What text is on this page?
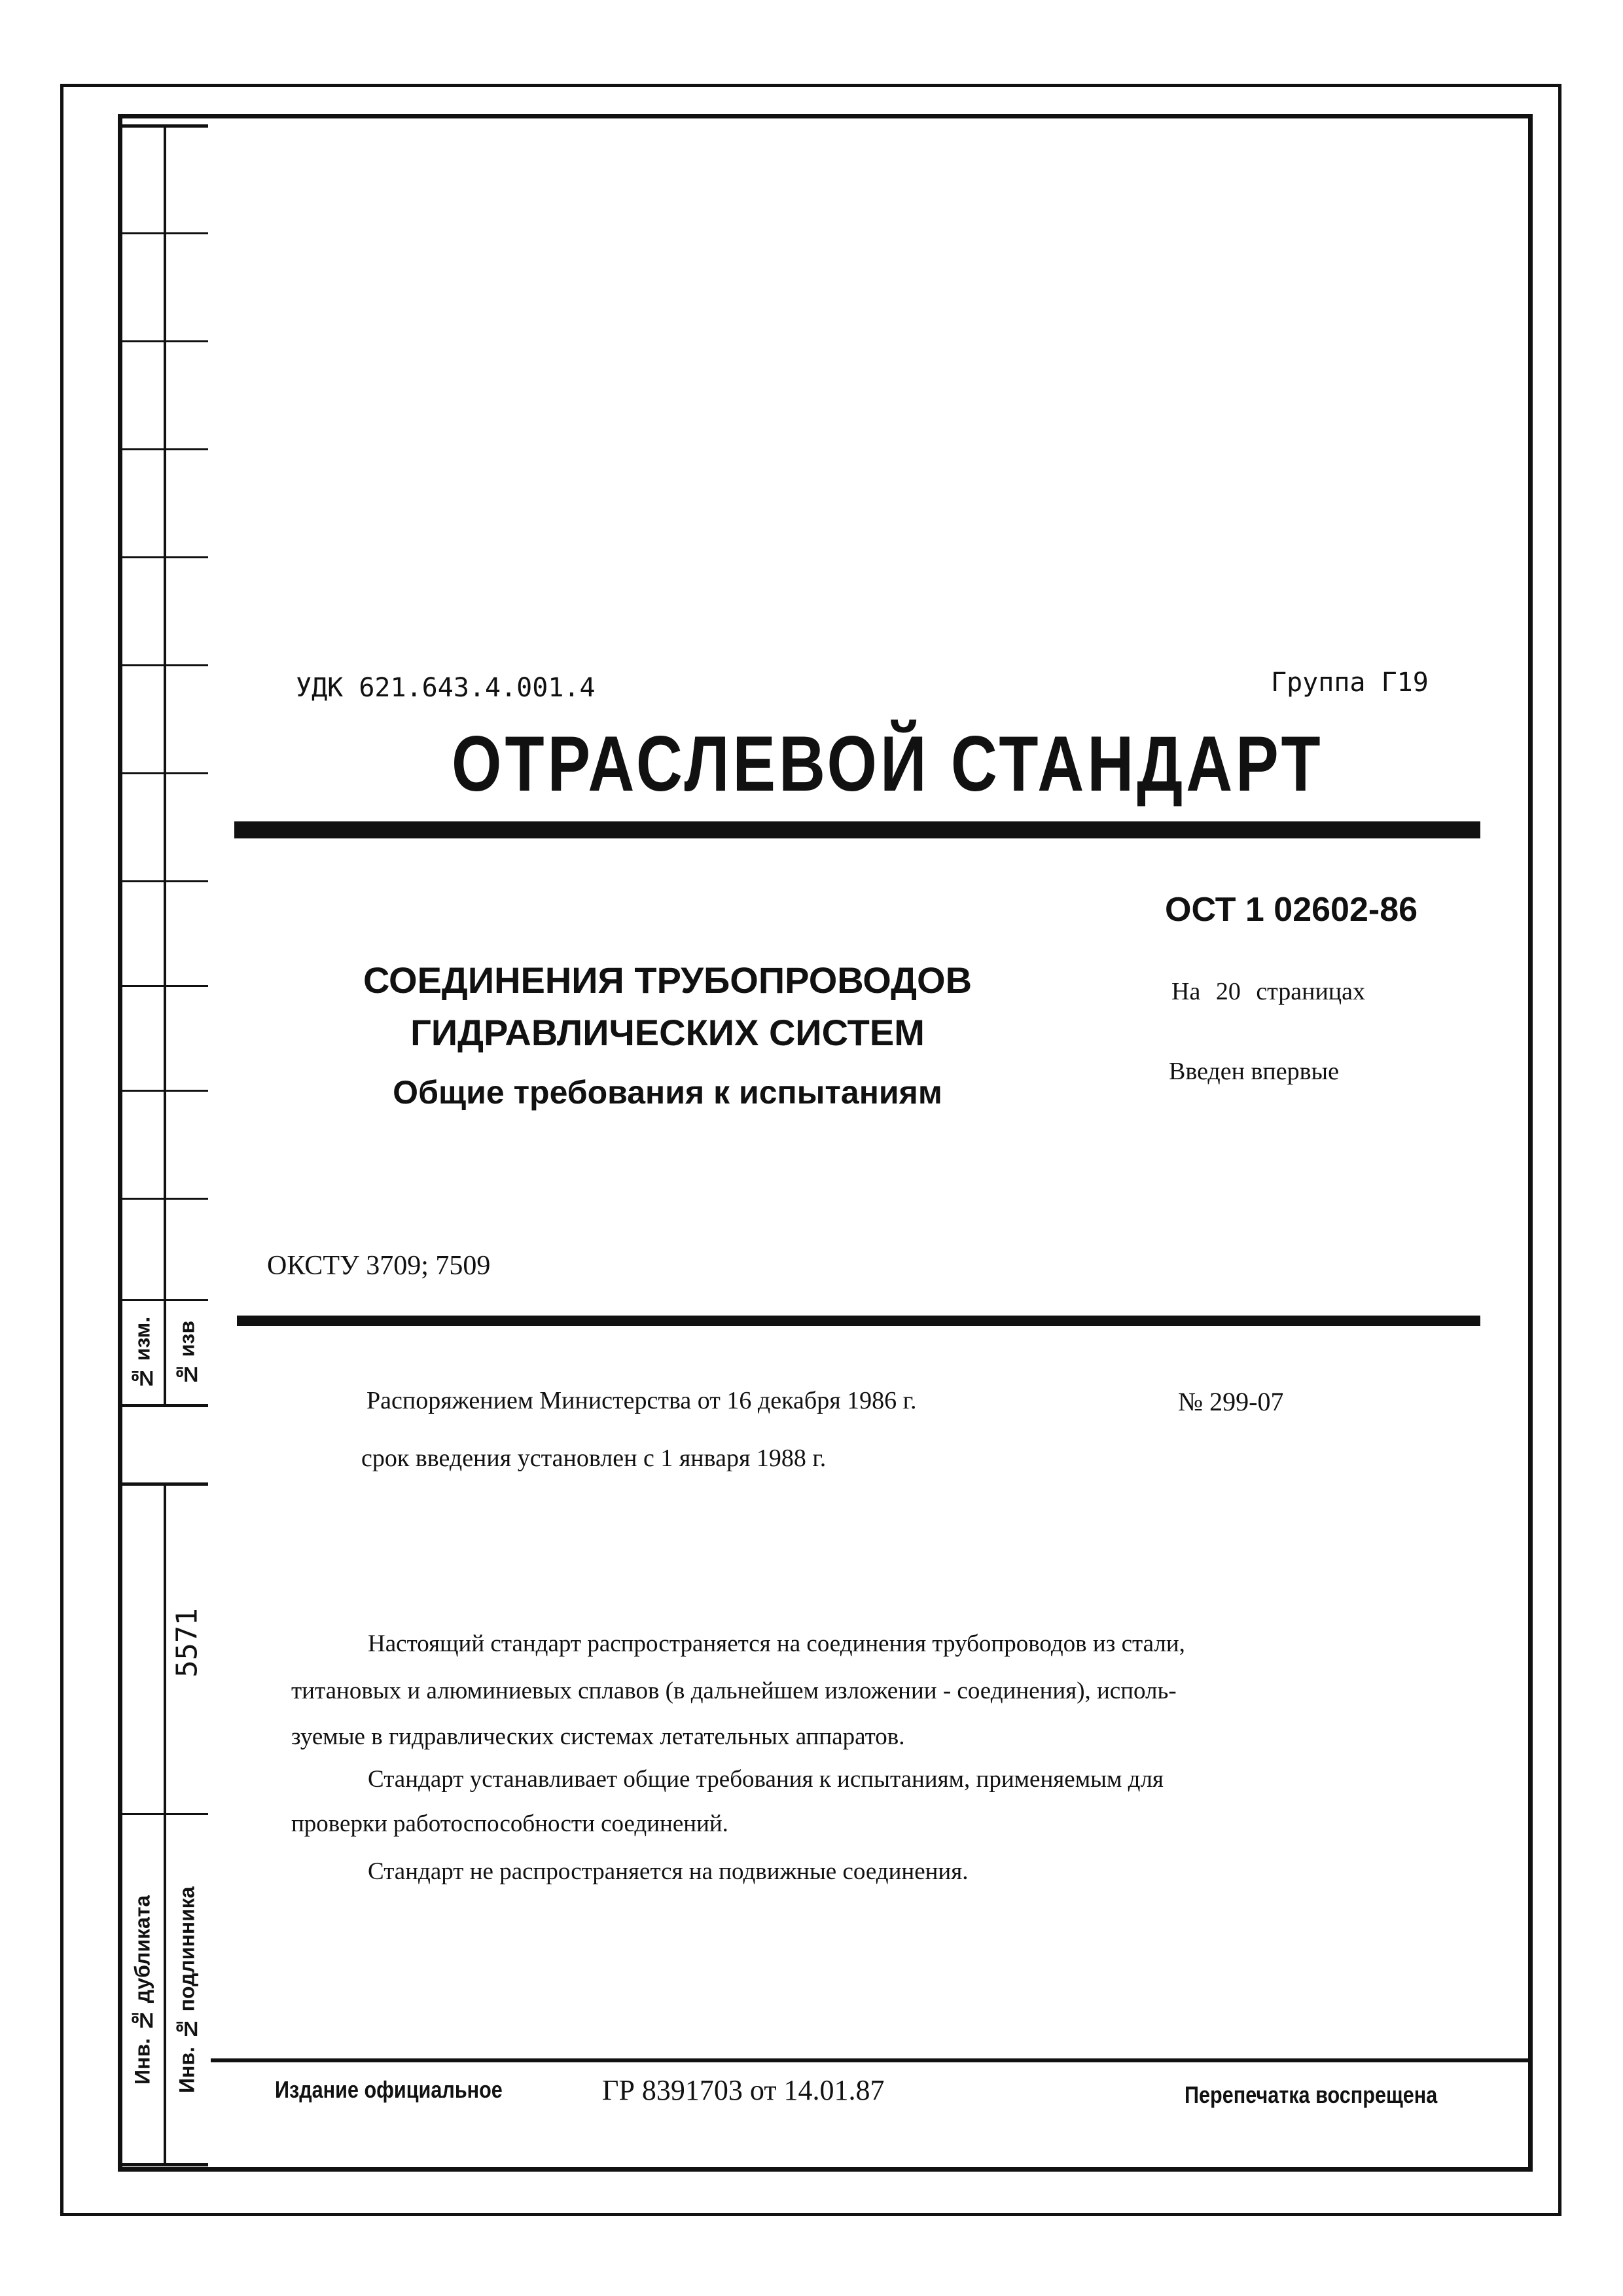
№ изм.	№ изв
5571
Инв. № дубликата	Инв. № подлинника
УДК 621.643.4.001.4	Группа Г19
ОТРАСЛЕВОЙ СТАНДАРТ
ОСТ 1 02602-86
На 20 страницах
Введен впервые
СОЕДИНЕНИЯ ТРУБОПРОВОДОВ
ГИДРАВЛИЧЕСКИХ СИСТЕМ
Общие требования к испытаниям
ОКСТУ 3709; 7509
Распоряжением Министерства от 16 декабря 1986 г.	№ 299-07
срок введения установлен с 1 января 1988 г.
Настоящий стандарт распространяется на соединения трубопроводов из стали,
титановых и алюминиевых сплавов (в дальнейшем изложении - соединения), исполь-
зуемые в гидравлических системах летательных аппаратов.
Стандарт устанавливает общие требования к испытаниям, применяемым для
проверки работоспособности соединений.
Стандарт не распространяется на подвижные соединения.
Издание официальное	ГР 8391703 от 14.01.87	Перепечатка воспрещена
